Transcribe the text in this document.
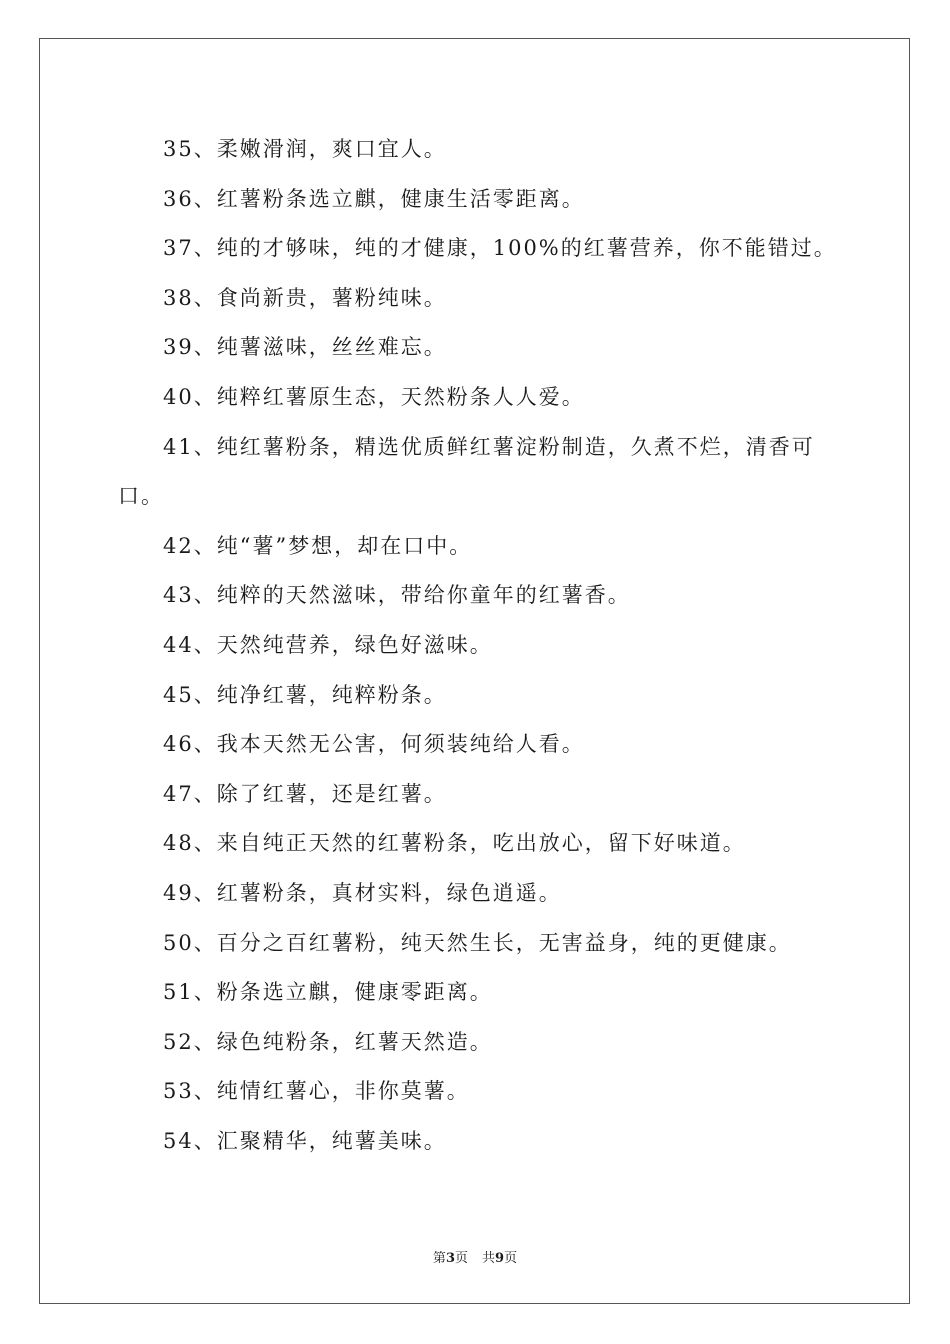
35、柔嫩滑润，爽口宜人。
36、红薯粉条选立麒，健康生活零距离。
37、纯的才够味，纯的才健康，100%的红薯营养，你不能错过。
38、食尚新贵，薯粉纯味。
39、纯薯滋味，丝丝难忘。
40、纯粹红薯原生态，天然粉条人人爱。
41、纯红薯粉条，精选优质鲜红薯淀粉制造，久煮不烂，清香可
口。
42、纯“薯”梦想，却在口中。
43、纯粹的天然滋味，带给你童年的红薯香。
44、天然纯营养，绿色好滋味。
45、纯净红薯，纯粹粉条。
46、我本天然无公害，何须装纯给人看。
47、除了红薯，还是红薯。
48、来自纯正天然的红薯粉条，吃出放心，留下好味道。
49、红薯粉条，真材实料，绿色逍遥。
50、百分之百红薯粉，纯天然生长，无害益身，纯的更健康。
51、粉条选立麒，健康零距离。
52、绿色纯粉条，红薯天然造。
53、纯情红薯心，非你莫薯。
54、汇聚精华，纯薯美味。
第3页 共9页
